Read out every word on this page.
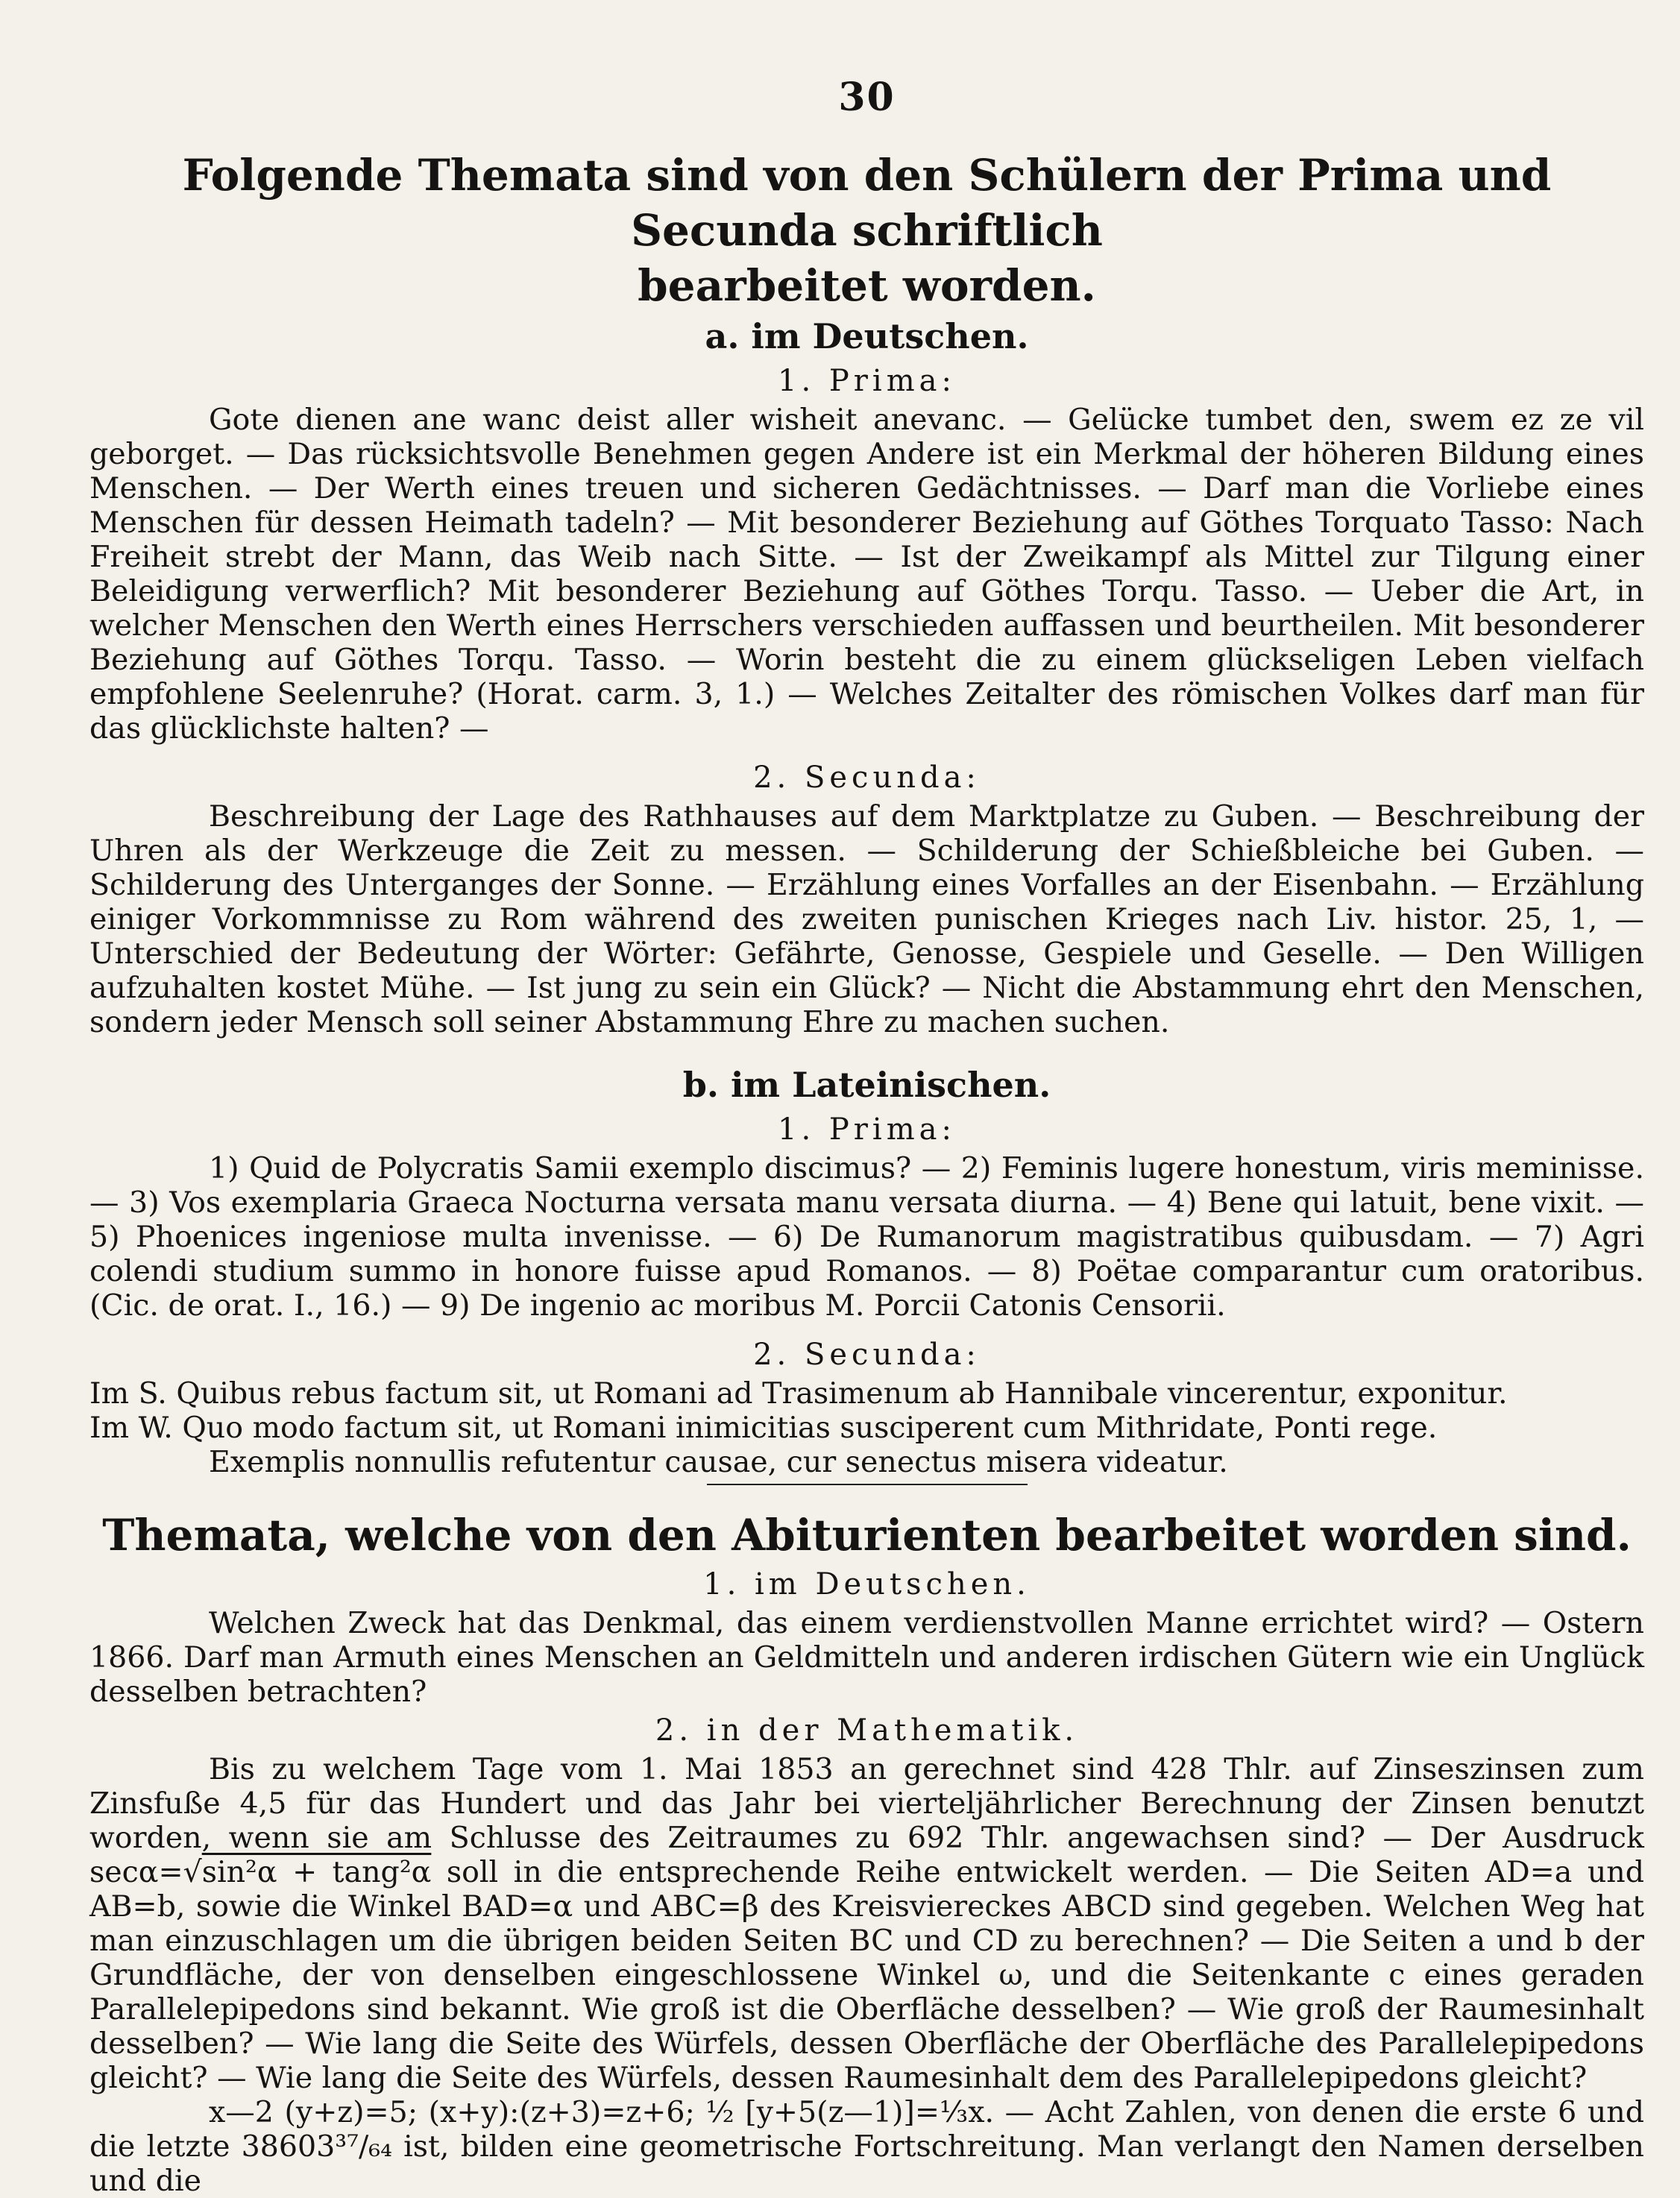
30
Folgende Themata sind von den Schülern der Prima und Secunda schriftlich
bearbeitet worden.
a. im Deutschen.
1. Prima:

Gote dienen ane wanc deist aller wisheit anevanc. — Gelücke tumbet den, swem ez ze vil geborget. — Das rücksichtsvolle Benehmen gegen Andere ist ein Merkmal der höheren Bildung eines Menschen. — Der Werth eines treuen und sicheren Gedächtnisses. — Darf man die Vorliebe eines Menschen für dessen Heimath tadeln? — Mit besonderer Beziehung auf Göthes Torquato Tasso: Nach Freiheit strebt der Mann, das Weib nach Sitte. — Ist der Zweikampf als Mittel zur Tilgung einer Beleidigung verwerflich? Mit besonderer Beziehung auf Göthes Torqu. Tasso. — Ueber die Art, in welcher Menschen den Werth eines Herrschers verschieden auffassen und beurtheilen. Mit besonderer Beziehung auf Göthes Torqu. Tasso. — Worin besteht die zu einem glückseligen Leben vielfach empfohlene Seelenruhe? (Horat. carm. 3, 1.) — Welches Zeitalter des römischen Volkes darf man für das glücklichste halten? —

2. Secunda:

Beschreibung der Lage des Rathhauses auf dem Marktplatze zu Guben. — Beschreibung der Uhren als der Werkzeuge die Zeit zu messen. — Schilderung der Schießbleiche bei Guben. — Schilderung des Unterganges der Sonne. — Erzählung eines Vorfalles an der Eisenbahn. — Erzählung einiger Vorkommnisse zu Rom während des zweiten punischen Krieges nach Liv. histor. 25, 1, — Unterschied der Bedeutung der Wörter: Gefährte, Genosse, Gespiele und Geselle. — Den Willigen aufzuhalten kostet Mühe. — Ist jung zu sein ein Glück? — Nicht die Abstammung ehrt den Menschen, sondern jeder Mensch soll seiner Abstammung Ehre zu machen suchen.

b. im Lateinischen.
1. Prima:

1) Quid de Polycratis Samii exemplo discimus? — 2) Feminis lugere honestum, viris meminisse. — 3) Vos exemplaria Graeca Nocturna versata manu versata diurna. — 4) Bene qui latuit, bene vixit. — 5) Phoenices ingeniose multa invenisse. — 6) De Rumanorum magistratibus quibusdam. — 7) Agri colendi studium summo in honore fuisse apud Romanos. — 8) Poëtae comparantur cum oratoribus. (Cic. de orat. I., 16.) — 9) De ingenio ac moribus M. Porcii Catonis Censorii.

2. Secunda:
Im S. Quibus rebus factum sit, ut Romani ad Trasimenum ab Hannibale vincerentur, exponitur.
Im W. Quo modo factum sit, ut Romani inimicitias susciperent cum Mithridate, Ponti rege.
Exemplis nonnullis refutentur causae, cur senectus misera videatur.
Themata, welche von den Abiturienten bearbeitet worden sind.
1. im Deutschen.

Welchen Zweck hat das Denkmal, das einem verdienstvollen Manne errichtet wird? — Ostern 1866. Darf man Armuth eines Menschen an Geldmitteln und anderen irdischen Gütern wie ein Unglück desselben betrachten?

2. in der Mathematik.

Bis zu welchem Tage vom 1. Mai 1853 an gerechnet sind 428 Thlr. auf Zinseszinsen zum Zinsfuße 4,5 für das Hundert und das Jahr bei vierteljährlicher Berechnung der Zinsen benutzt worden, wenn sie am Schlusse des Zeitraumes zu 692 Thlr. angewachsen sind? — Der Ausdruck secα=√sin²α + tang²α soll in die entsprechende Reihe entwickelt werden. — Die Seiten AD=a und AB=b, sowie die Winkel BAD=α und ABC=β des Kreisviereckes ABCD sind gegeben. Welchen Weg hat man einzuschlagen um die übrigen beiden Seiten BC und CD zu berechnen? — Die Seiten a und b der Grundfläche, der von denselben eingeschlossene Winkel ω, und die Seitenkante c eines geraden Parallelepipedons sind bekannt. Wie groß ist die Oberfläche desselben? — Wie groß der Raumesinhalt desselben? — Wie lang die Seite des Würfels, dessen Oberfläche der Oberfläche des Parallelepipedons gleicht? — Wie lang die Seite des Würfels, dessen Raumesinhalt dem des Parallelepipedons gleicht?

x—2 (y+z)=5; (x+y):(z+3)=z+6; ½ [y+5(z—1)]=⅓x. — Acht Zahlen, von denen die erste 6 und die letzte 38603³⁷/₆₄ ist, bilden eine geometrische Fortschreitung. Man verlangt den Namen derselben und die
